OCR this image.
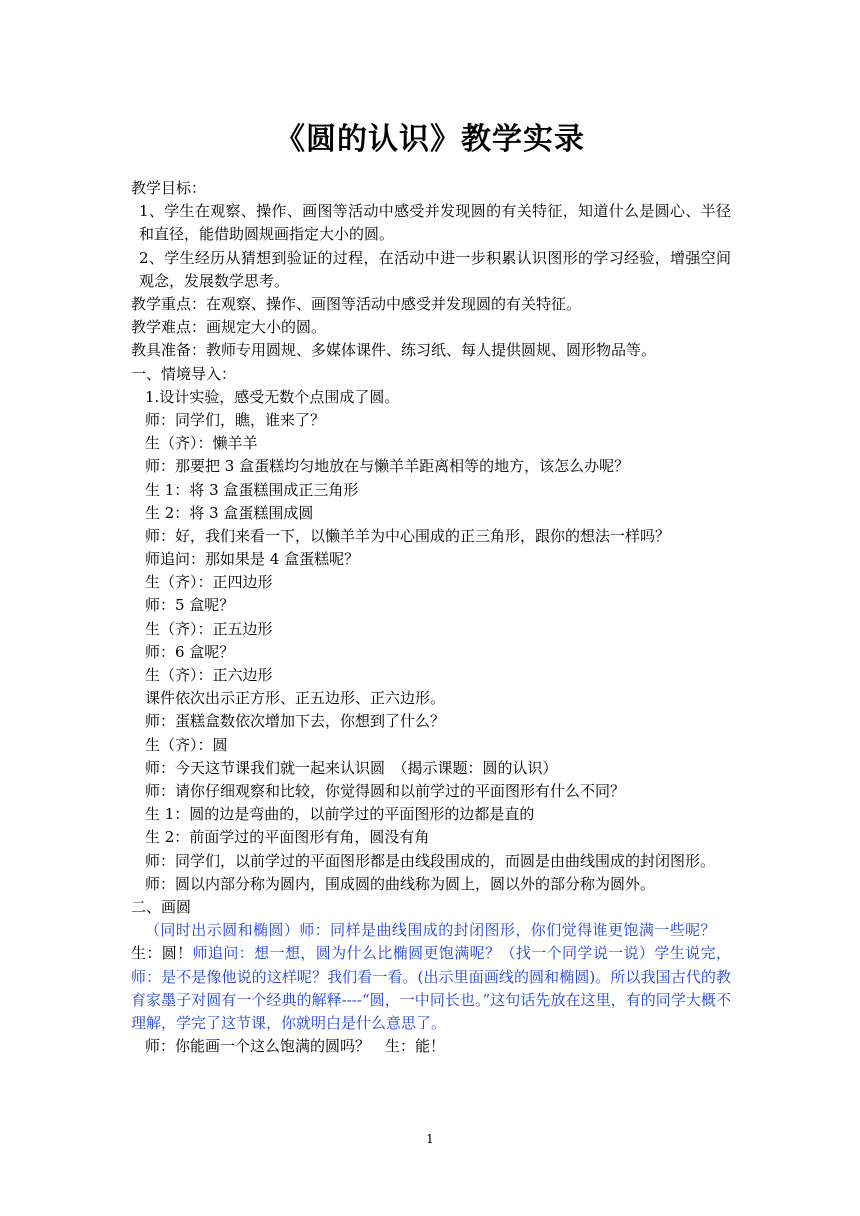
《圆的认识》教学实录
教学目标：
1、学生在观察、操作、画图等活动中感受并发现圆的有关特征，知道什么是圆心、半径和直径，能借助圆规画指定大小的圆。
2、学生经历从猜想到验证的过程，在活动中进一步积累认识图形的学习经验，增强空间观念，发展数学思考。
教学重点：在观察、操作、画图等活动中感受并发现圆的有关特征。
教学难点：画规定大小的圆。
教具准备：教师专用圆规、多媒体课件、练习纸、每人提供圆规、圆形物品等。
一、情境导入：
1.设计实验，感受无数个点围成了圆。
师：同学们，瞧，谁来了？
生（齐）：懒羊羊
师：那要把 3 盒蛋糕均匀地放在与懒羊羊距离相等的地方，该怎么办呢？
生 1：将 3 盒蛋糕围成正三角形
生 2：将 3 盒蛋糕围成圆
师：好，我们来看一下，以懒羊羊为中心围成的正三角形，跟你的想法一样吗？
师追问：那如果是 4 盒蛋糕呢？
生（齐）：正四边形
师：5 盒呢？
生（齐）：正五边形
师：6 盒呢？
生（齐）：正六边形
课件依次出示正方形、正五边形、正六边形。
师：蛋糕盒数依次增加下去，你想到了什么？
生（齐）：圆
师：今天这节课我们就一起来认识圆　（揭示课题：圆的认识）
师：请你仔细观察和比较，你觉得圆和以前学过的平面图形有什么不同？
生 1：圆的边是弯曲的，以前学过的平面图形的边都是直的
生 2：前面学过的平面图形有角，圆没有角
师：同学们，以前学过的平面图形都是由线段围成的，而圆是由曲线围成的封闭图形。
师：圆以内部分称为圆内，围成圆的曲线称为圆上，圆以外的部分称为圆外。
二、画圆
（同时出示圆和椭圆）师：同样是曲线围成的封闭图形，你们觉得谁更饱满一些呢？　生：圆！师追问：想一想，圆为什么比椭圆更饱满呢？（找一个同学说一说）学生说完，师：是不是像他说的这样呢？我们看一看。(出示里面画线的圆和椭圆)。所以我国古代的教育家墨子对圆有一个经典的解释----“圆，一中同长也。”这句话先放在这里，有的同学大概不理解，学完了这节课，你就明白是什么意思了。
师：你能画一个这么饱满的圆吗？　生：能！
1
